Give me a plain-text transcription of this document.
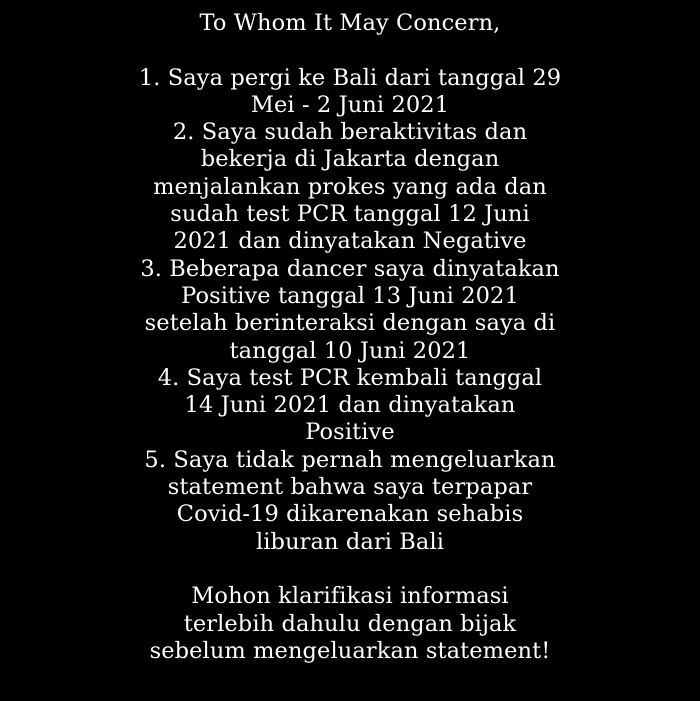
To Whom It May Concern,
1. Saya pergi ke Bali dari tanggal 29
Mei - 2 Juni 2021
2. Saya sudah beraktivitas dan
bekerja di Jakarta dengan
menjalankan prokes yang ada dan
sudah test PCR tanggal 12 Juni
2021 dan dinyatakan Negative
3. Beberapa dancer saya dinyatakan
Positive tanggal 13 Juni 2021
setelah berinteraksi dengan saya di
tanggal 10 Juni 2021
4. Saya test PCR kembali tanggal
14 Juni 2021 dan dinyatakan
Positive
5. Saya tidak pernah mengeluarkan
statement bahwa saya terpapar
Covid-19 dikarenakan sehabis
liburan dari Bali
Mohon klarifikasi informasi
terlebih dahulu dengan bijak
sebelum mengeluarkan statement!
